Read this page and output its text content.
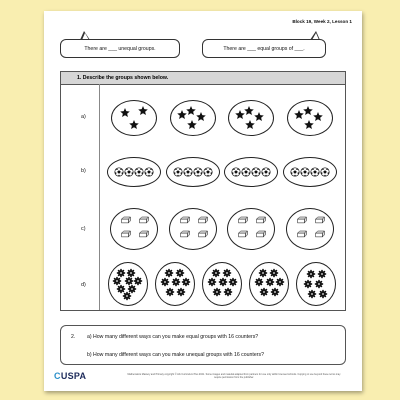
Block 19, Week 2, Lesson 1
There are ___ unequal groups.	There are ___ equal groups of ___.
1. Describe the groups shown below.
a)
b)
c)
d)
2. a) How many different ways can you make equal groups with 16 counters?
b) How many different ways can you make unequal groups with 16 counters?
CUSPA	Mathematics Mastery and Primary copyright © Ark Curriculum Plus 2021. Some images and material adapted from partners for use only within licensed schools. Copying or use beyond these terms may require permission from the publisher.
